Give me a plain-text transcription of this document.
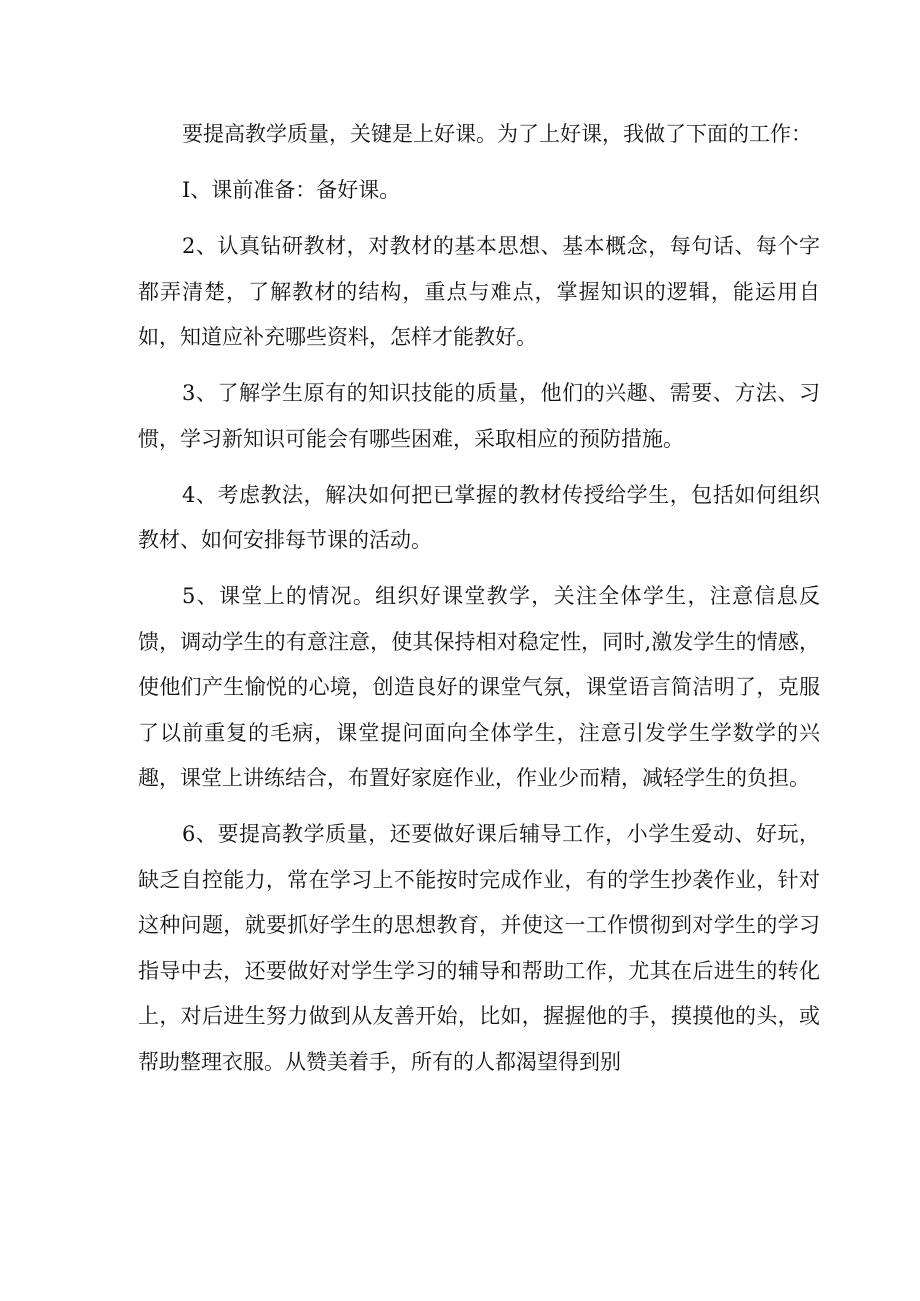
要提高教学质量，关键是上好课。为了上好课，我做了下面的工作：

I、课前准备：备好课。

2、认真钻研教材，对教材的基本思想、基本概念，每句话、每个字都弄清楚，了解教材的结构，重点与难点，掌握知识的逻辑，能运用自如，知道应补充哪些资料，怎样才能教好。

3、了解学生原有的知识技能的质量，他们的兴趣、需要、方法、习惯，学习新知识可能会有哪些困难，采取相应的预防措施。

4、考虑教法，解决如何把已掌握的教材传授给学生，包括如何组织教材、如何安排每节课的活动。

5、课堂上的情况。组织好课堂教学，关注全体学生，注意信息反馈，调动学生的有意注意，使其保持相对稳定性，同时,激发学生的情感，使他们产生愉悦的心境，创造良好的课堂气氛，课堂语言简洁明了，克服了以前重复的毛病，课堂提问面向全体学生，注意引发学生学数学的兴趣，课堂上讲练结合，布置好家庭作业，作业少而精，减轻学生的负担。

6、要提高教学质量，还要做好课后辅导工作，小学生爱动、好玩，缺乏自控能力，常在学习上不能按时完成作业，有的学生抄袭作业，针对这种问题，就要抓好学生的思想教育，并使这一工作惯彻到对学生的学习指导中去，还要做好对学生学习的辅导和帮助工作，尤其在后进生的转化上，对后进生努力做到从友善开始，比如，握握他的手，摸摸他的头，或帮助整理衣服。从赞美着手，所有的人都渴望得到别
